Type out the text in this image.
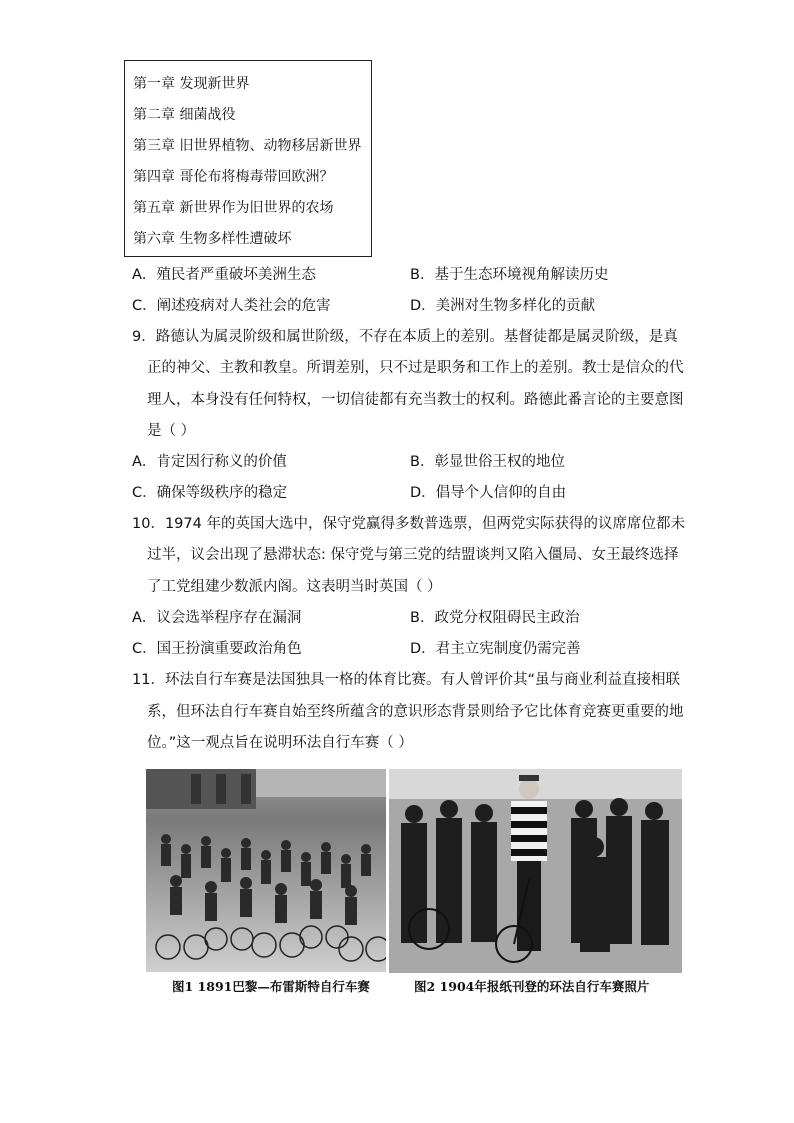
第一章 发现新世界
第二章 细菌战役
第三章 旧世界植物、动物移居新世界
第四章 哥伦布将梅毒带回欧洲？
第五章 新世界作为旧世界的农场
第六章 生物多样性遭破坏
A．殖民者严重破坏美洲生态	B．基于生态环境视角解读历史
C．阐述疫病对人类社会的危害	D．美洲对生物多样化的贡献
9．路德认为属灵阶级和属世阶级，不存在本质上的差别。基督徒都是属灵阶级，是真
正的神父、主教和教皇。所谓差别，只不过是职务和工作上的差别。教士是信众的代
理人，本身没有任何特权，一切信徒都有充当教士的权利。路德此番言论的主要意图
是（ ）
A．肯定因行称义的价值	B．彰显世俗王权的地位
C．确保等级秩序的稳定	D．倡导个人信仰的自由
10．1974 年的英国大选中，保守党赢得多数普选票，但两党实际获得的议席席位都未
过半，议会出现了悬滞状态: 保守党与第三党的结盟谈判又陷入僵局、女王最终选择
了工党组建少数派内阁。这表明当时英国（ ）
A．议会选举程序存在漏洞	B．政党分权阻碍民主政治
C．国王扮演重要政治角色	D．君主立宪制度仍需完善
11．环法自行车赛是法国独具一格的体育比赛。有人曾评价其“虽与商业利益直接相联
系，但环法自行车赛自始至终所蕴含的意识形态背景则给予它比体育竞赛更重要的地
位。”这一观点旨在说明环法自行车赛（ ）
图1 1891巴黎—布雷斯特自行车赛	图2 1904年报纸刊登的环法自行车赛照片
